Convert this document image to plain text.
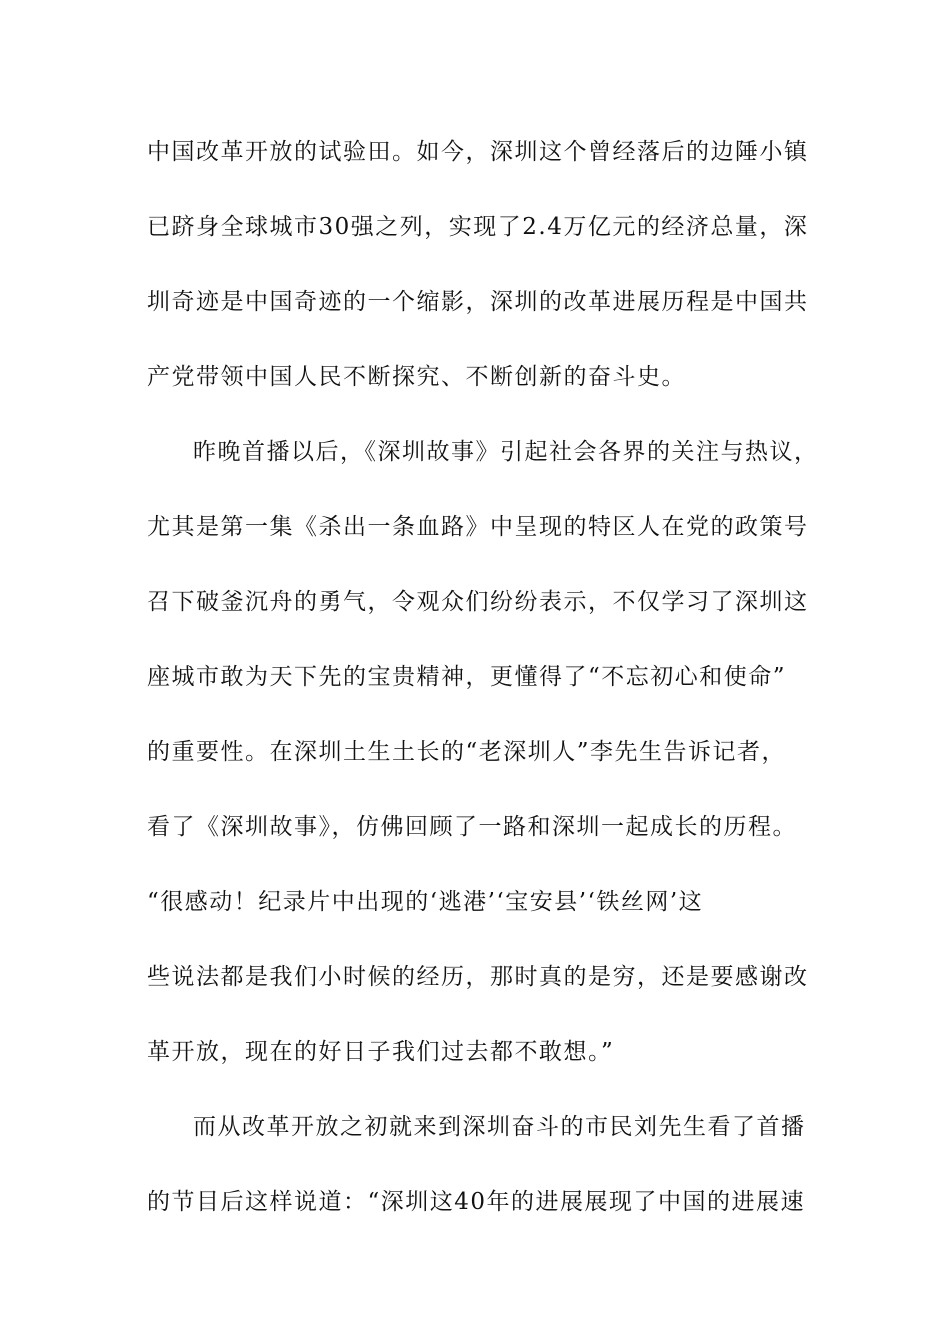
中国改革开放的试验田。如今，深圳这个曾经落后的边陲小镇
已跻身全球城市30强之列，实现了2.4万亿元的经济总量，深
圳奇迹是中国奇迹的一个缩影，深圳的改革进展历程是中国共
产党带领中国人民不断探究、不断创新的奋斗史。
昨晚首播以后，《深圳故事》引起社会各界的关注与热议，
尤其是第一集《杀出一条血路》中呈现的特区人在党的政策号
召下破釜沉舟的勇气，令观众们纷纷表示，不仅学习了深圳这
座城市敢为天下先的宝贵精神，更懂得了“不忘初心和使命”
的重要性。在深圳土生土长的“老深圳人”李先生告诉记者，
看了《深圳故事》，仿佛回顾了一路和深圳一起成长的历程。
“很感动！纪录片中出现的‘逃港’‘宝安县’‘铁丝网’这
些说法都是我们小时候的经历，那时真的是穷，还是要感谢改
革开放，现在的好日子我们过去都不敢想。”
而从改革开放之初就来到深圳奋斗的市民刘先生看了首播
的节目后这样说道：“深圳这40年的进展展现了中国的进展速
